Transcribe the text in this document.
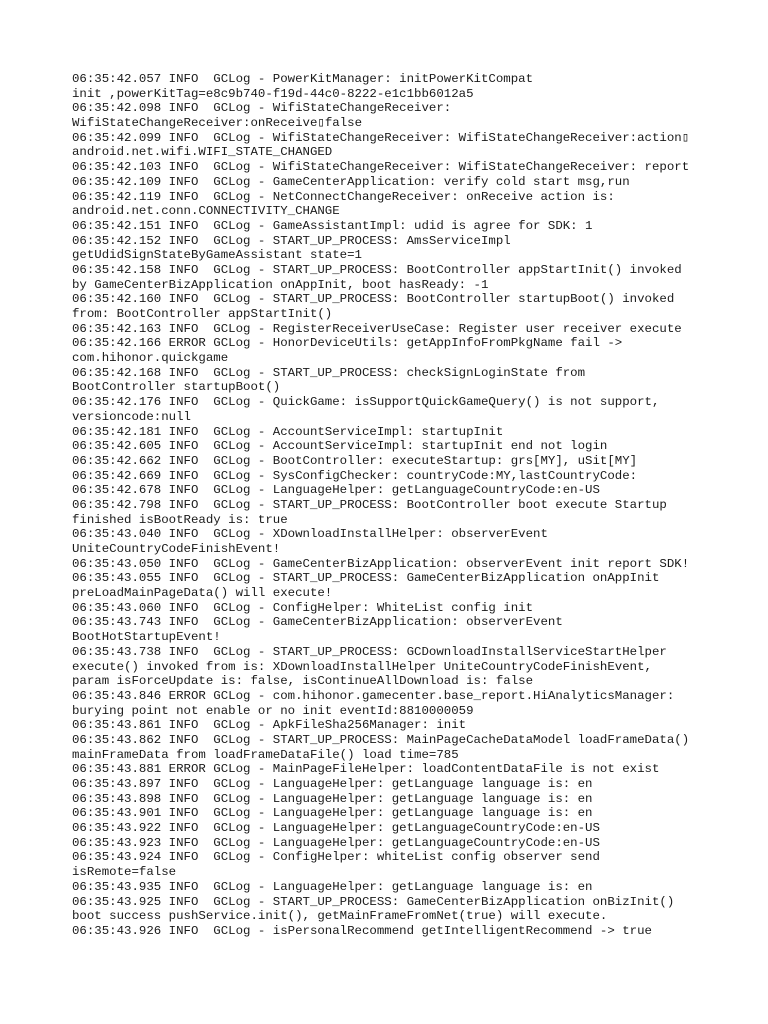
06:35:42.057 INFO  GCLog - PowerKitManager: initPowerKitCompat
init ,powerKitTag=e8c9b740-f19d-44c0-8222-e1c1bb6012a5
06:35:42.098 INFO  GCLog - WifiStateChangeReceiver:
WifiStateChangeReceiver:onReceive▯false
06:35:42.099 INFO  GCLog - WifiStateChangeReceiver: WifiStateChangeReceiver:action▯
android.net.wifi.WIFI_STATE_CHANGED
06:35:42.103 INFO  GCLog - WifiStateChangeReceiver: WifiStateChangeReceiver: report
06:35:42.109 INFO  GCLog - GameCenterApplication: verify cold start msg,run
06:35:42.119 INFO  GCLog - NetConnectChangeReceiver: onReceive action is:
android.net.conn.CONNECTIVITY_CHANGE
06:35:42.151 INFO  GCLog - GameAssistantImpl: udid is agree for SDK: 1
06:35:42.152 INFO  GCLog - START_UP_PROCESS: AmsServiceImpl
getUdidSignStateByGameAssistant state=1
06:35:42.158 INFO  GCLog - START_UP_PROCESS: BootController appStartInit() invoked
by GameCenterBizApplication onAppInit, boot hasReady: -1
06:35:42.160 INFO  GCLog - START_UP_PROCESS: BootController startupBoot() invoked
from: BootController appStartInit()
06:35:42.163 INFO  GCLog - RegisterReceiverUseCase: Register user receiver execute
06:35:42.166 ERROR GCLog - HonorDeviceUtils: getAppInfoFromPkgName fail ->
com.hihonor.quickgame
06:35:42.168 INFO  GCLog - START_UP_PROCESS: checkSignLoginState from
BootController startupBoot()
06:35:42.176 INFO  GCLog - QuickGame: isSupportQuickGameQuery() is not support,
versioncode:null
06:35:42.181 INFO  GCLog - AccountServiceImpl: startupInit
06:35:42.605 INFO  GCLog - AccountServiceImpl: startupInit end not login
06:35:42.662 INFO  GCLog - BootController: executeStartup: grs[MY], uSit[MY]
06:35:42.669 INFO  GCLog - SysConfigChecker: countryCode:MY,lastCountryCode:
06:35:42.678 INFO  GCLog - LanguageHelper: getLanguageCountryCode:en-US
06:35:42.798 INFO  GCLog - START_UP_PROCESS: BootController boot execute Startup
finished isBootReady is: true
06:35:43.040 INFO  GCLog - XDownloadInstallHelper: observerEvent
UniteCountryCodeFinishEvent!
06:35:43.050 INFO  GCLog - GameCenterBizApplication: observerEvent init report SDK!
06:35:43.055 INFO  GCLog - START_UP_PROCESS: GameCenterBizApplication onAppInit
preLoadMainPageData() will execute!
06:35:43.060 INFO  GCLog - ConfigHelper: WhiteList config init
06:35:43.743 INFO  GCLog - GameCenterBizApplication: observerEvent
BootHotStartupEvent!
06:35:43.738 INFO  GCLog - START_UP_PROCESS: GCDownloadInstallServiceStartHelper
execute() invoked from is: XDownloadInstallHelper UniteCountryCodeFinishEvent,
param isForceUpdate is: false, isContinueAllDownload is: false
06:35:43.846 ERROR GCLog - com.hihonor.gamecenter.base_report.HiAnalyticsManager:
burying point not enable or no init eventId:8810000059
06:35:43.861 INFO  GCLog - ApkFileSha256Manager: init
06:35:43.862 INFO  GCLog - START_UP_PROCESS: MainPageCacheDataModel loadFrameData()
mainFrameData from loadFrameDataFile() load time=785
06:35:43.881 ERROR GCLog - MainPageFileHelper: loadContentDataFile is not exist
06:35:43.897 INFO  GCLog - LanguageHelper: getLanguage language is: en
06:35:43.898 INFO  GCLog - LanguageHelper: getLanguage language is: en
06:35:43.901 INFO  GCLog - LanguageHelper: getLanguage language is: en
06:35:43.922 INFO  GCLog - LanguageHelper: getLanguageCountryCode:en-US
06:35:43.923 INFO  GCLog - LanguageHelper: getLanguageCountryCode:en-US
06:35:43.924 INFO  GCLog - ConfigHelper: whiteList config observer send
isRemote=false
06:35:43.935 INFO  GCLog - LanguageHelper: getLanguage language is: en
06:35:43.925 INFO  GCLog - START_UP_PROCESS: GameCenterBizApplication onBizInit()
boot success pushService.init(), getMainFrameFromNet(true) will execute.
06:35:43.926 INFO  GCLog - isPersonalRecommend getIntelligentRecommend -> true
